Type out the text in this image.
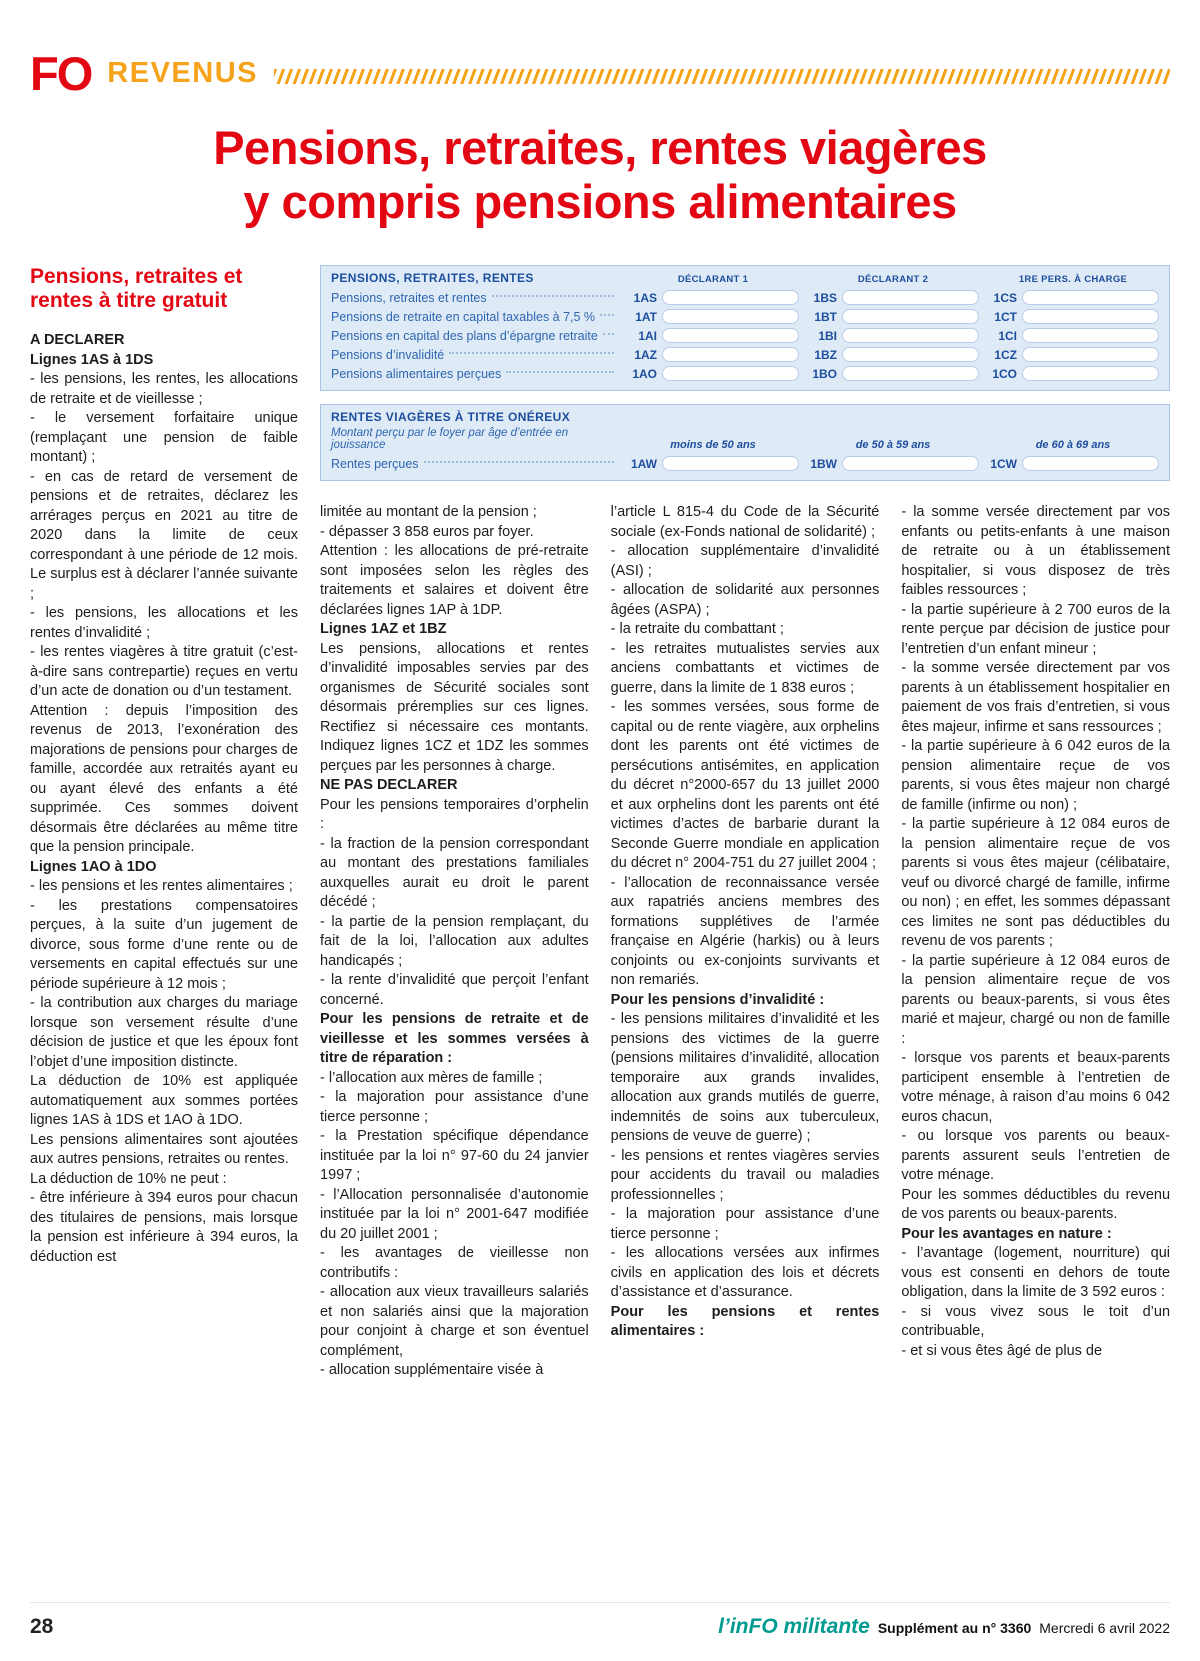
FO REVENUS
Pensions, retraites, rentes viagères
y compris pensions alimentaires
Pensions, retraites et
rentes à titre gratuit

A DECLARER

Lignes 1AS à 1DS

- les pensions, les rentes, les allocations de retraite et de vieillesse ;

- le versement forfaitaire unique (remplaçant une pension de faible montant) ;

- en cas de retard de versement de pensions et de retraites, déclarez les arrérages perçus en 2021 au titre de 2020 dans la limite de ceux correspondant à une période de 12 mois. Le surplus est à déclarer l’année suivante ;

- les pensions, les allocations et les rentes d’invalidité ;

- les rentes viagères à titre gratuit (c’est-à-dire sans contrepartie) reçues en vertu d’un acte de donation ou d’un testament.

Attention : depuis l’imposition des revenus de 2013, l’exonération des majorations de pensions pour charges de famille, accordée aux retraités ayant eu ou ayant élevé des enfants a été supprimée. Ces sommes doivent désormais être déclarées au même titre que la pension principale.

Lignes 1AO à 1DO

- les pensions et les rentes alimentaires ;

- les prestations compensatoires perçues, à la suite d’un jugement de divorce, sous forme d’une rente ou de versements en capital effectués sur une période supérieure à 12 mois ;

- la contribution aux charges du mariage lorsque son versement résulte d’une décision de justice et que les époux font l’objet d’une imposition distincte.

La déduction de 10% est appliquée automatiquement aux sommes portées lignes 1AS à 1DS et 1AO à 1DO.

Les pensions alimentaires sont ajoutées aux autres pensions, retraites ou rentes.

La déduction de 10% ne peut :

- être inférieure à 394 euros pour chacun des titulaires de pensions, mais lorsque la pension est inférieure à 394 euros, la déduction est

PENSIONS, RETRAITES, RENTES	DÉCLARANT 1	DÉCLARANT 2	1RE PERS. À CHARGE
Pensions, retraites et rentes	1AS	1BS	1CS
Pensions de retraite en capital taxables à 7,5 %	1AT	1BT	1CT
Pensions en capital des plans d’épargne retraite	1AI	1BI	1CI
Pensions d’invalidité	1AZ	1BZ	1CZ
Pensions alimentaires perçues	1AO	1BO	1CO
RENTES VIAGÈRES À TITRE ONÉREUX
Montant perçu par le foyer par âge d’entrée en jouissance	moins de 50 ans	de 50 à 59 ans	de 60 à 69 ans
Rentes perçues	1AW	1BW	1CW

limitée au montant de la pension ;

- dépasser 3 858 euros par foyer.

Attention : les allocations de pré-retraite sont imposées selon les règles des traitements et salaires et doivent être déclarées lignes 1AP à 1DP.

Lignes 1AZ et 1BZ

Les pensions, allocations et rentes d’invalidité imposables servies par des organismes de Sécurité sociales sont désormais préremplies sur ces lignes. Rectifiez si nécessaire ces montants. Indiquez lignes 1CZ et 1DZ les sommes perçues par les personnes à charge.

NE PAS DECLARER

Pour les pensions temporaires d’orphelin :

- la fraction de la pension correspondant au montant des prestations familiales auxquelles aurait eu droit le parent décédé ;

- la partie de la pension remplaçant, du fait de la loi, l’allocation aux adultes handicapés ;

- la rente d’invalidité que perçoit l’enfant concerné.

Pour les pensions de retraite et de vieillesse et les sommes versées à titre de réparation :

- l’allocation aux mères de famille ;

- la majoration pour assistance d’une tierce personne ;

- la Prestation spécifique dépendance instituée par la loi n° 97-60 du 24 janvier 1997 ;

- l’Allocation personnalisée d’autonomie instituée par la loi n° 2001-647 modifiée du 20 juillet 2001 ;

- les avantages de vieillesse non contributifs :

- allocation aux vieux travailleurs salariés et non salariés ainsi que la majoration pour conjoint à charge et son éventuel complément,

- allocation supplémentaire visée à

l’article L 815-4 du Code de la Sécurité sociale (ex-Fonds national de solidarité) ;

- allocation supplémentaire d’invalidité (ASI) ;

- allocation de solidarité aux personnes âgées (ASPA) ;

- la retraite du combattant ;

- les retraites mutualistes servies aux anciens combattants et victimes de guerre, dans la limite de 1 838 euros ;

- les sommes versées, sous forme de capital ou de rente viagère, aux orphelins dont les parents ont été victimes de persécutions antisémites, en application du décret n°2000-657 du 13 juillet 2000 et aux orphelins dont les parents ont été victimes d’actes de barbarie durant la Seconde Guerre mondiale en application du décret n° 2004-751 du 27 juillet 2004 ;

- l’allocation de reconnaissance versée aux rapatriés anciens membres des formations supplétives de l’armée française en Algérie (harkis) ou à leurs conjoints ou ex-conjoints survivants et non remariés.

Pour les pensions d’invalidité :

- les pensions militaires d’invalidité et les pensions des victimes de la guerre (pensions militaires d’invalidité, allocation temporaire aux grands invalides, allocation aux grands mutilés de guerre, indemnités de soins aux tuberculeux, pensions de veuve de guerre) ;

- les pensions et rentes viagères servies pour accidents du travail ou maladies professionnelles ;

- la majoration pour assistance d’une tierce personne ;

- les allocations versées aux infirmes civils en application des lois et décrets d’assistance et d’assurance.

Pour les pensions et rentes alimentaires :

- la somme versée directement par vos enfants ou petits-enfants à une maison de retraite ou à un établissement hospitalier, si vous disposez de très faibles ressources ;

- la partie supérieure à 2 700 euros de la rente perçue par décision de justice pour l’entretien d’un enfant mineur ;

- la somme versée directement par vos parents à un établissement hospitalier en paiement de vos frais d’entretien, si vous êtes majeur, infirme et sans ressources ;

- la partie supérieure à 6 042 euros de la pension alimentaire reçue de vos parents, si vous êtes majeur non chargé de famille (infirme ou non) ;

- la partie supérieure à 12 084 euros de la pension alimentaire reçue de vos parents si vous êtes majeur (célibataire, veuf ou divorcé chargé de famille, infirme ou non) ; en effet, les sommes dépassant ces limites ne sont pas déductibles du revenu de vos parents ;

- la partie supérieure à 12 084 euros de la pension alimentaire reçue de vos parents ou beaux-parents, si vous êtes marié et majeur, chargé ou non de famille :

- lorsque vos parents et beaux-parents participent ensemble à l’entretien de votre ménage, à raison d’au moins 6 042 euros chacun,

- ou lorsque vos parents ou beaux-parents assurent seuls l’entretien de votre ménage.

Pour les sommes déductibles du revenu de vos parents ou beaux-parents.

Pour les avantages en nature :

- l’avantage (logement, nourriture) qui vous est consenti en dehors de toute obligation, dans la limite de 3 592 euros :

- si vous vivez sous le toit d’un contribuable,

- et si vous êtes âgé de plus de

28	l’inFO militante Supplément au n° 3360 Mercredi 6 avril 2022
